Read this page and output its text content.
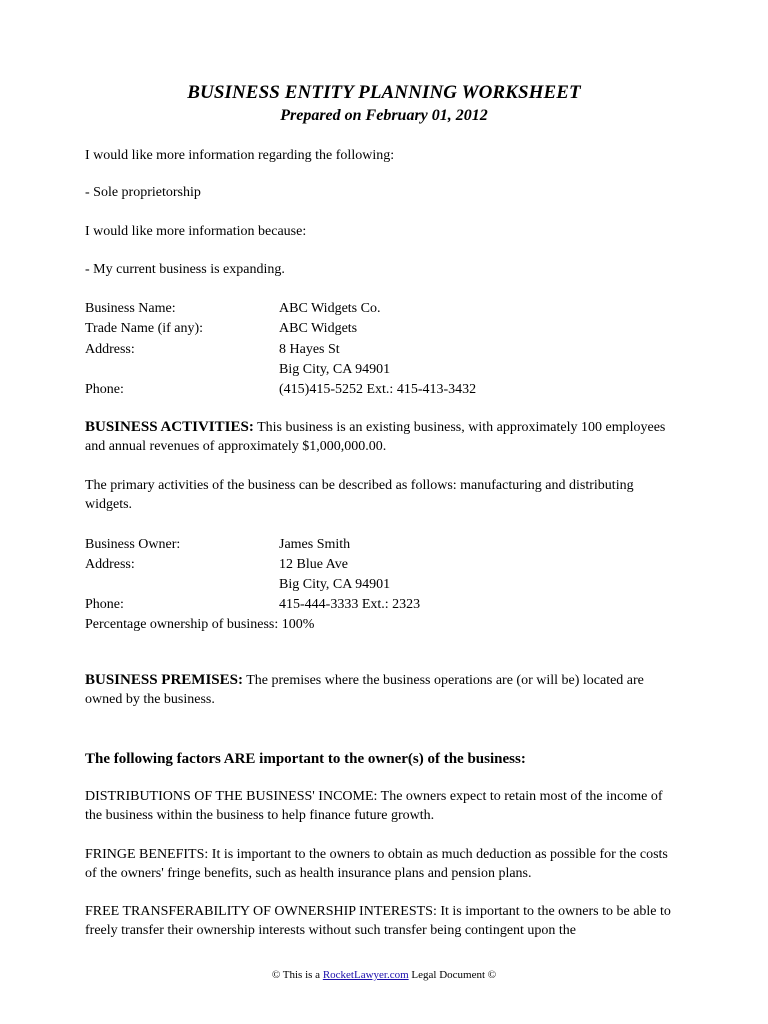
BUSINESS ENTITY PLANNING WORKSHEET
Prepared on February 01, 2012
I would like more information regarding the following:
- Sole proprietorship
I would like more information because:
- My current business is expanding.
Business Name:	ABC Widgets Co.
Trade Name (if any):	ABC Widgets
Address:	8 Hayes St
Big City, CA 94901
Phone:	(415)415-5252 Ext.: 415-413-3432
BUSINESS ACTIVITIES: This business is an existing business, with approximately 100 employees and annual revenues of approximately $1,000,000.00.
The primary activities of the business can be described as follows: manufacturing and distributing widgets.
Business Owner:	James Smith
Address:	12 Blue Ave
Big City, CA 94901
Phone:	415-444-3333 Ext.: 2323
Percentage ownership of business: 100%
BUSINESS PREMISES: The premises where the business operations are (or will be) located are owned by the business.
The following factors ARE important to the owner(s) of the business:
DISTRIBUTIONS OF THE BUSINESS' INCOME: The owners expect to retain most of the income of the business within the business to help finance future growth.
FRINGE BENEFITS: It is important to the owners to obtain as much deduction as possible for the costs of the owners' fringe benefits, such as health insurance plans and pension plans.
FREE TRANSFERABILITY OF OWNERSHIP INTERESTS: It is important to the owners to be able to freely transfer their ownership interests without such transfer being contingent upon the
© This is a RocketLawyer.com Legal Document ©
